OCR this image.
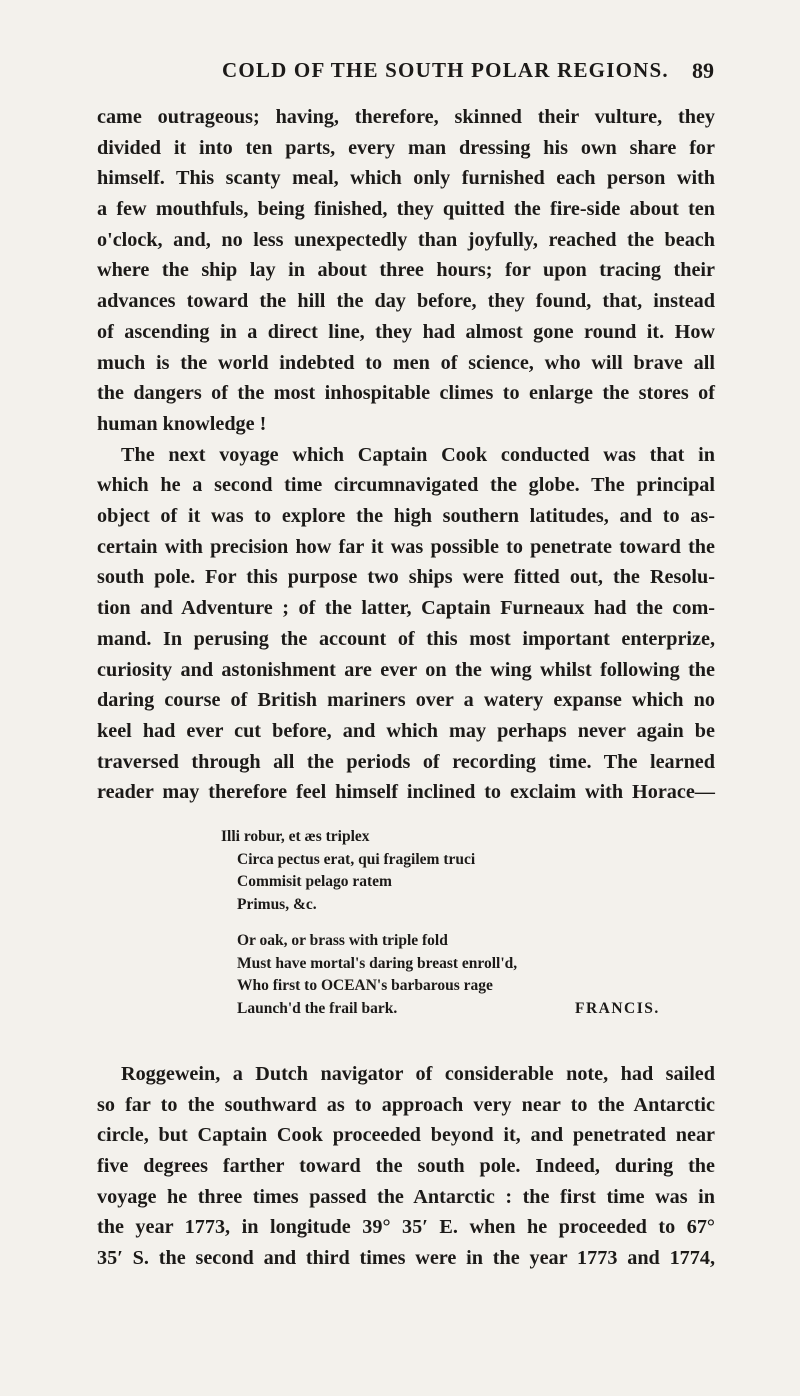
COLD OF THE SOUTH POLAR REGIONS. 89
came outrageous; having, therefore, skinned their vulture, they
divided it into ten parts, every man dressing his own share for
himself. This scanty meal, which only furnished each person with
a few mouthfuls, being finished, they quitted the fire-side about ten
o'clock, and, no less unexpectedly than joyfully, reached the beach
where the ship lay in about three hours; for upon tracing their
advances toward the hill the day before, they found, that, instead
of ascending in a direct line, they had almost gone round it. How
much is the world indebted to men of science, who will brave all
the dangers of the most inhospitable climes to enlarge the stores of
human knowledge !
The next voyage which Captain Cook conducted was that in
which he a second time circumnavigated the globe. The principal
object of it was to explore the high southern latitudes, and to as-
certain with precision how far it was possible to penetrate toward the
south pole. For this purpose two ships were fitted out, the Resolu-
tion and Adventure ; of the latter, Captain Furneaux had the com-
mand. In perusing the account of this most important enterprize,
curiosity and astonishment are ever on the wing whilst following the
daring course of British mariners over a watery expanse which no
keel had ever cut before, and which may perhaps never again be
traversed through all the periods of recording time. The learned
reader may therefore feel himself inclined to exclaim with Horace—
Illi robur, et æs triplex
Circa pectus erat, qui fragilem truci
Commisit pelago ratem
Primus, &c.
Or oak, or brass with triple fold
Must have mortal's daring breast enroll'd,
Who first to OCEAN's barbarous rage
Launch'd the frail bark.	FRANCIS.
Roggewein, a Dutch navigator of considerable note, had sailed
so far to the southward as to approach very near to the Antarctic
circle, but Captain Cook proceeded beyond it, and penetrated near
five degrees farther toward the south pole. Indeed, during the
voyage he three times passed the Antarctic : the first time was in
the year 1773, in longitude 39° 35′ E. when he proceeded to 67°
35′ S. the second and third times were in the year 1773 and 1774,
